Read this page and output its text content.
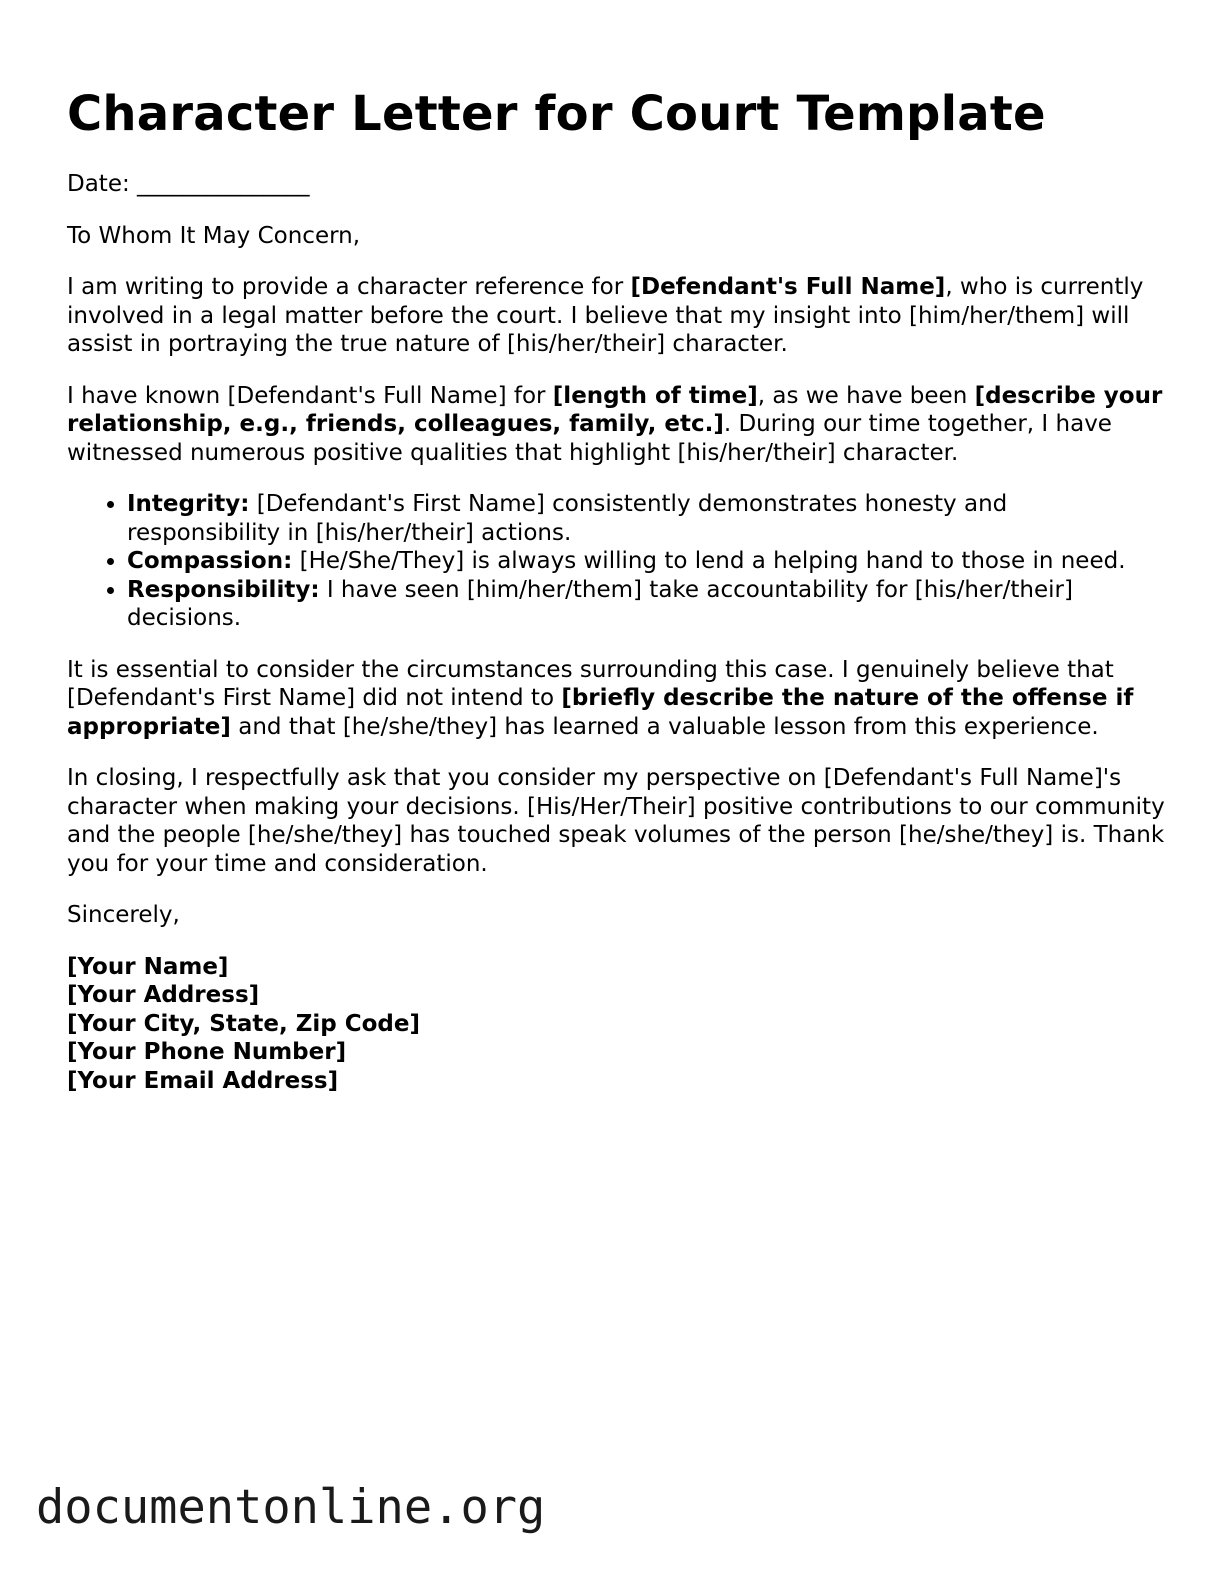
Character Letter for Court Template

Date: _______________

To Whom It May Concern,

I am writing to provide a character reference for [Defendant's Full Name], who is currently involved in a legal matter before the court. I believe that my insight into [him/her/them] will assist in portraying the true nature of [his/her/their] character.

I have known [Defendant's Full Name] for [length of time], as we have been [describe your relationship, e.g., friends, colleagues, family, etc.]. During our time together, I have witnessed numerous positive qualities that highlight [his/her/their] character.

• Integrity: [Defendant's First Name] consistently demonstrates honesty and responsibility in [his/her/their] actions.
• Compassion: [He/She/They] is always willing to lend a helping hand to those in need.
• Responsibility: I have seen [him/her/them] take accountability for [his/her/their] decisions.

It is essential to consider the circumstances surrounding this case. I genuinely believe that [Defendant's First Name] did not intend to [briefly describe the nature of the offense if appropriate] and that [he/she/they] has learned a valuable lesson from this experience.

In closing, I respectfully ask that you consider my perspective on [Defendant's Full Name]'s character when making your decisions. [His/Her/Their] positive contributions to our community and the people [he/she/they] has touched speak volumes of the person [he/she/they] is. Thank you for your time and consideration.

Sincerely,

[Your Name]
[Your Address]
[Your City, State, Zip Code]
[Your Phone Number]
[Your Email Address]
documentonline.org
